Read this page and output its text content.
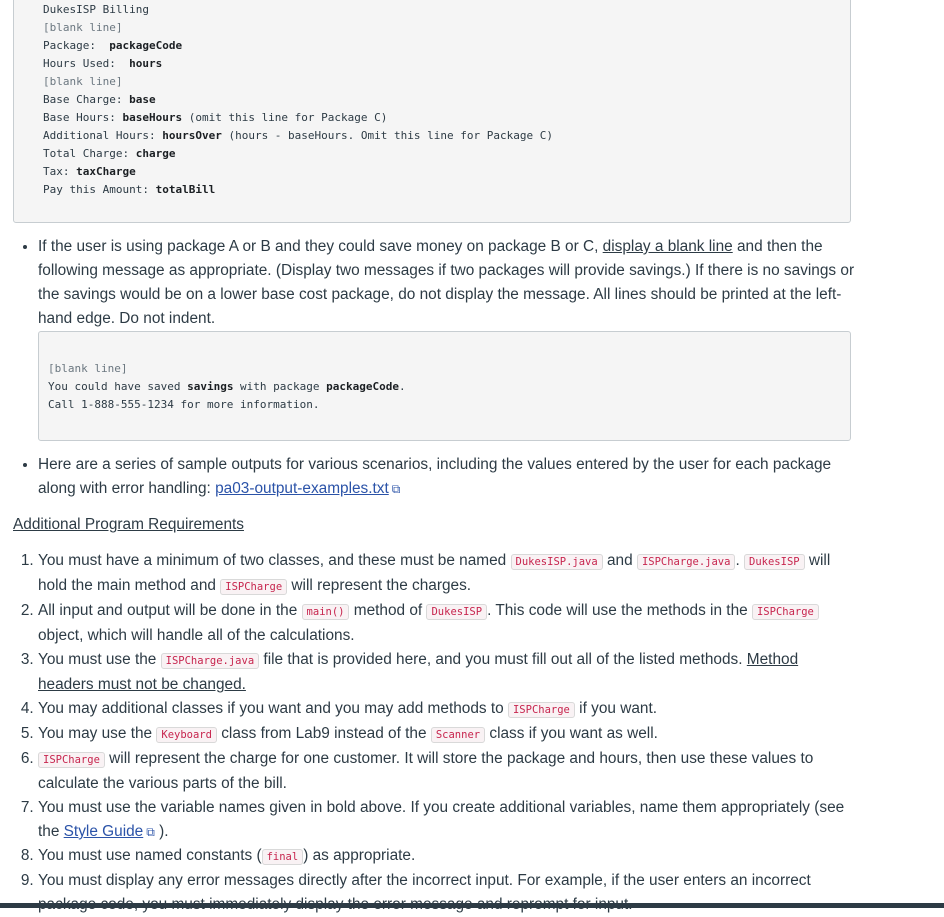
DukesISP Billing
[blank line]
Package:  packageCode
Hours Used:  hours
[blank line]
Base Charge: base
Base Hours: baseHours (omit this line for Package C)
Additional Hours: hoursOver (hours - baseHours. Omit this line for Package C)
Total Charge: charge
Tax: taxCharge
Pay this Amount: totalBill
• If the user is using package A or B and they could save money on package B or C, display a blank line and then the following message as appropriate. (Display two messages if two packages will provide savings.) If there is no savings or the savings would be on a lower base cost package, do not display the message. All lines should be printed at the left-hand edge. Do not indent.
[blank line]
You could have saved savings with package packageCode.
Call 1-888-555-1234 for more information.
• Here are a series of sample outputs for various scenarios, including the values entered by the user for each package along with error handling: pa03-output-examples.txt ⧉
Additional Program Requirements
1. You must have a minimum of two classes, and these must be named DukesISP.java and ISPCharge.java . DukesISP will hold the main method and ISPCharge will represent the charges.
2. All input and output will be done in the main() method of DukesISP . This code will use the methods in the ISPCharge object, which will handle all of the calculations.
3. You must use the ISPCharge.java file that is provided here, and you must fill out all of the listed methods. Method headers must not be changed.
4. You may additional classes if you want and you may add methods to ISPCharge if you want.
5. You may use the Keyboard class from Lab9 instead of the Scanner class if you want as well.
6. ISPCharge will represent the charge for one customer. It will store the package and hours, then use these values to calculate the various parts of the bill.
7. You must use the variable names given in bold above. If you create additional variables, name them appropriately (see the Style Guide ⧉ ).
8. You must use named constants ( final ) as appropriate.
9. You must display any error messages directly after the incorrect input. For example, if the user enters an incorrect
